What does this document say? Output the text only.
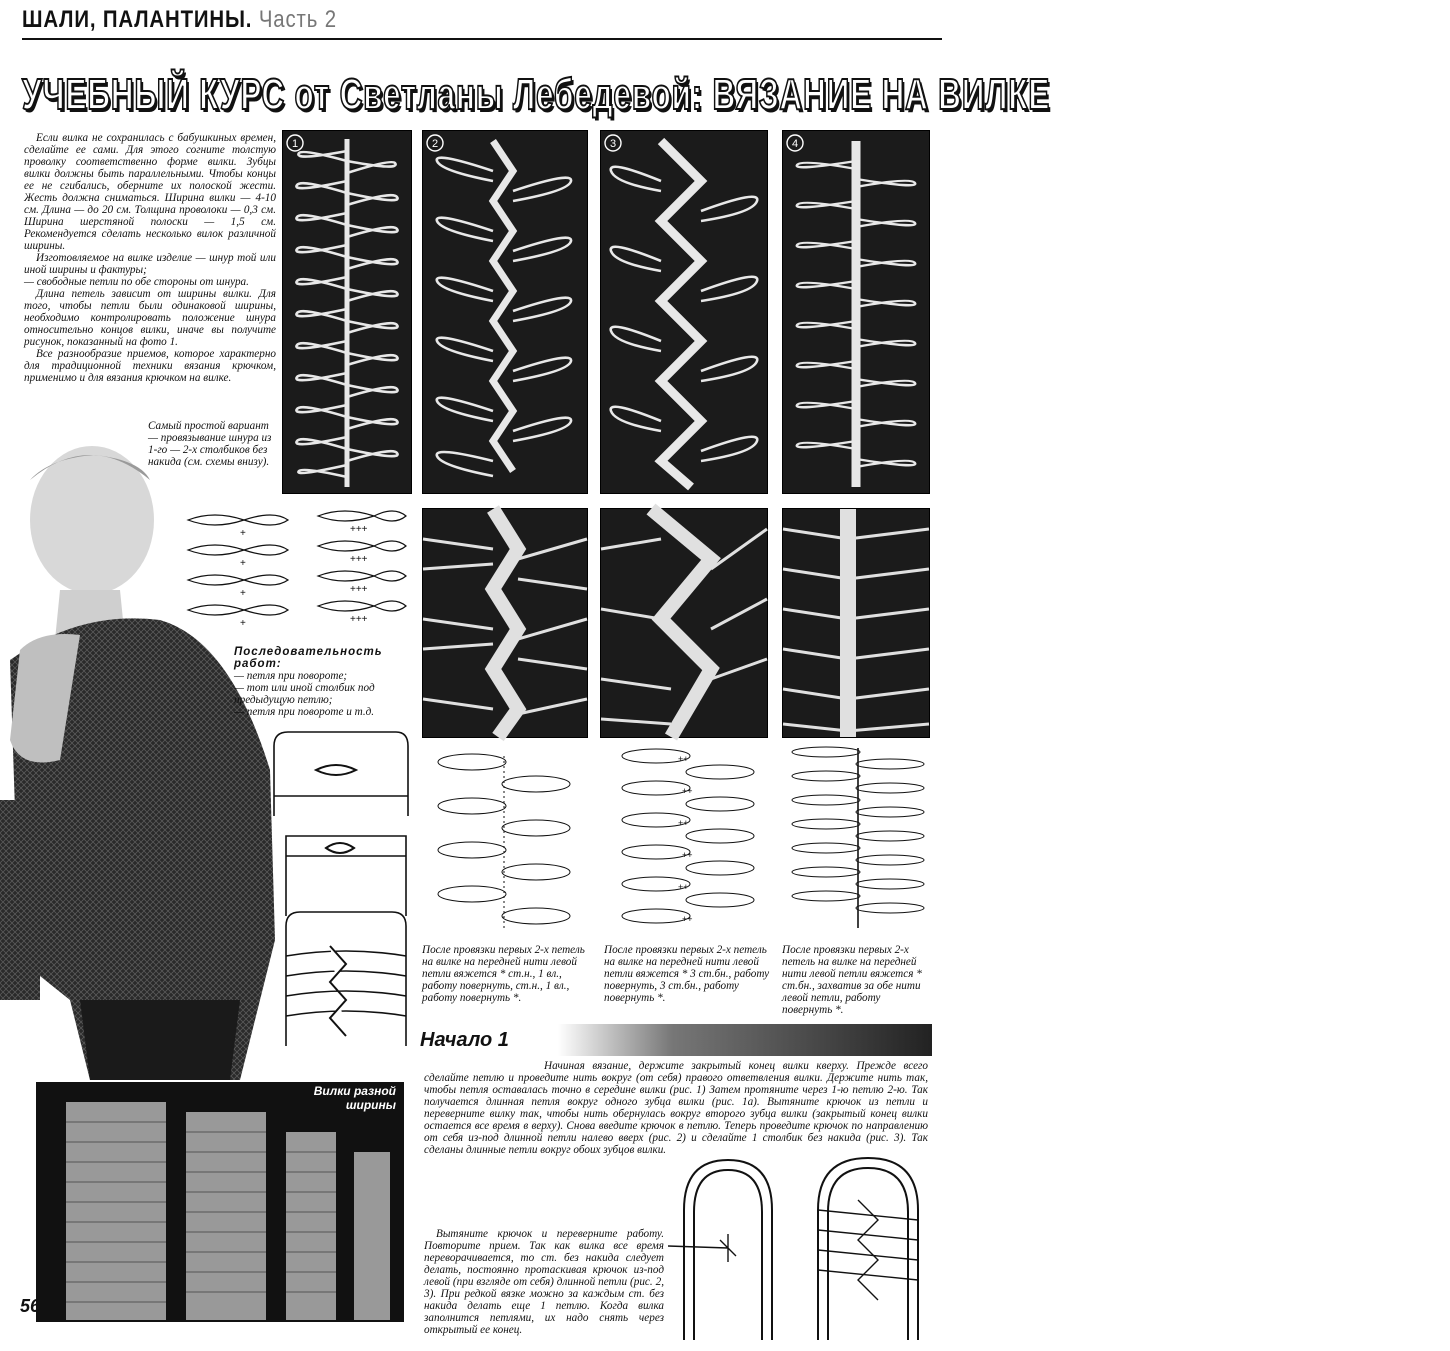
ШАЛИ, ПАЛАНТИНЫ. Часть 2
УЧЕБНЫЙ КУРС от Светланы Лебедевой: ВЯЗАНИЕ НА ВИЛКЕ

Если вилка не сохранилась с бабушкиных времен, сделайте ее сами. Для этого согните толстую проволку соответственно форме вилки. Зубцы вилки должны быть параллельными. Чтобы концы ее не сгибались, оберните их полоской жести. Жесть должна сниматься. Ширина вилки — 4-10 см. Длина — до 20 см. Толщина проволоки — 0,3 см. Ширина шерстяной полоски — 1,5 см. Рекомендуется сделать несколько вилок различной ширины.

Изготовляемое на вилке изделие — шнур той или иной ширины и фактуры;

— свободные петли по обе стороны от шнура.

Длина петель зависит от ширины вилки. Для того, чтобы петли были одинаковой ширины, необходимо контролировать положение шнура относительно концов вилки, иначе вы получите рисунок, показанный на фото 1.

Все разнообразие приемов, которое характерно для традиционной техники вязания крючком, применимо и для вязания крючком на вилке.

Самый простой вариант — провязывание шнура из 1-го — 2-х столбиков без накида (см. схемы внизу).
1	2	3	4
+
+
+
+
+++
+++
+++
+++
Последовательность работ:
— петля при повороте;
— тот или иной столбик под предыдущую петлю;
— петля при повороте и т.д.
++
++
++
++
++
++
После провязки первых 2-х петель на вилке на передней нити левой петли вяжется * ст.н., 1 вл., работу повернуть, ст.н., 1 вл., работу повернуть *.
После провязки первых 2-х петель на вилке на передней нити левой петли вяжется * 3 ст.бн., работу повернуть, 3 ст.бн., работу повернуть *.
После провязки первых 2-х петель на вилке на передней нити левой петли вяжется * ст.бн., захватив за обе нити левой петли, работу повернуть *.
Начало 1
Вилки разной ширины
56

Начиная вязание, держите закрытый конец вилки кверху. Прежде всего сделайте петлю и проведите нить вокруг (от себя) правого ответвления вилки. Держите нить так, чтобы петля оставалась точно в середине вилки (рис. 1) Затем протяните через 1-ю петлю 2-ю. Так получается длинная петля вокруг одного зубца вилки (рис. 1а). Вытяните крючок из петли и переверните вилку так, чтобы нить обернулась вокруг второго зубца вилки (закрытый конец вилки остается все время в верху). Снова введите крючок в петлю. Теперь проведите крючок по направлению от себя из-под длинной петли налево вверх (рис. 2) и сделайте 1 столбик без накида (рис. 3). Так сделаны длинные петли вокруг обоих зубцов вилки.

Вытяните крючок и переверните работу. Повторите прием. Так как вилка все время переворачивается, то ст. без накида следует делать, постоянно протаскивая крючок из-под левой (при взгляде от себя) длинной петли (рис. 2, 3). При редкой вязке можно за каждым ст. без накида делать еще 1 петлю. Когда вилка заполнится петлями, их надо снять через открытый ее конец.
